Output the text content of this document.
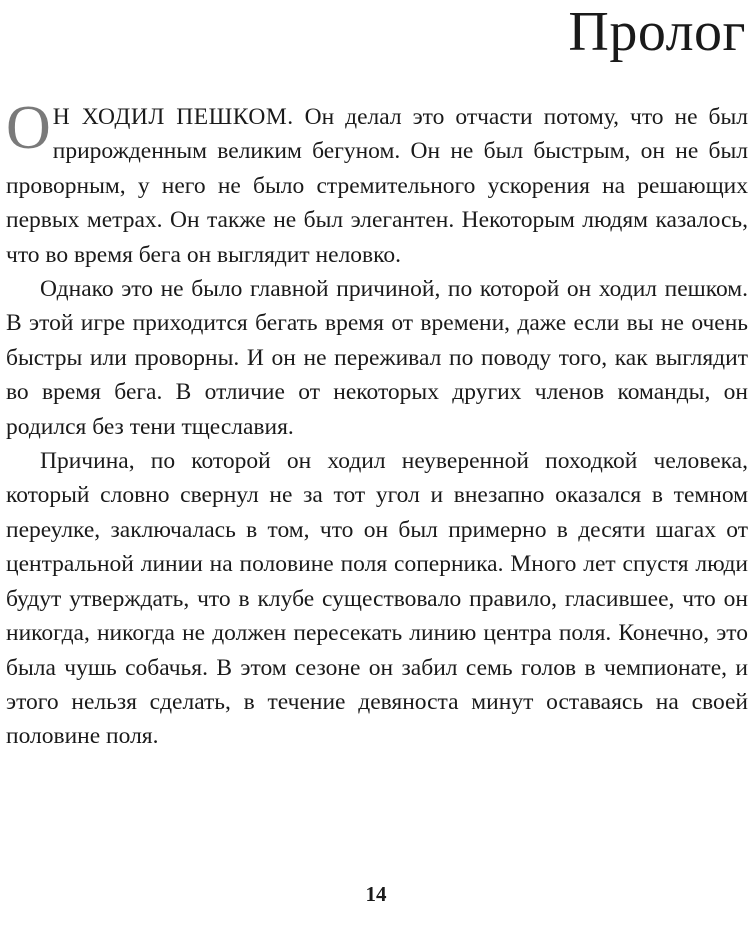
Пролог

О Н ХОДИЛ ПЕШКОМ. Он делал это отчасти потому, что не был прирожденным великим бегуном. Он не был быстрым, он не был проворным, у него не было стремительного ускорения на решающих первых метрах. Он также не был элегантен. Некоторым людям казалось, что во время бега он выглядит неловко.

Однако это не было главной причиной, по которой он ходил пешком. В этой игре приходится бегать время от времени, даже если вы не очень быстры или проворны. И он не переживал по поводу того, как выглядит во время бега. В отличие от некоторых других членов команды, он родился без тени тщеславия.

Причина, по которой он ходил неуверенной походкой человека, который словно свернул не за тот угол и внезапно оказался в темном переулке, заключалась в том, что он был примерно в десяти шагах от центральной линии на половине поля соперника. Много лет спустя люди будут утверждать, что в клубе существовало правило, гласившее, что он никогда, никогда не должен пересекать линию центра поля. Конечно, это была чушь собачья. В этом сезоне он забил семь голов в чемпионате, и этого нельзя сделать, в течение девяноста минут оставаясь на своей половине поля.

14
